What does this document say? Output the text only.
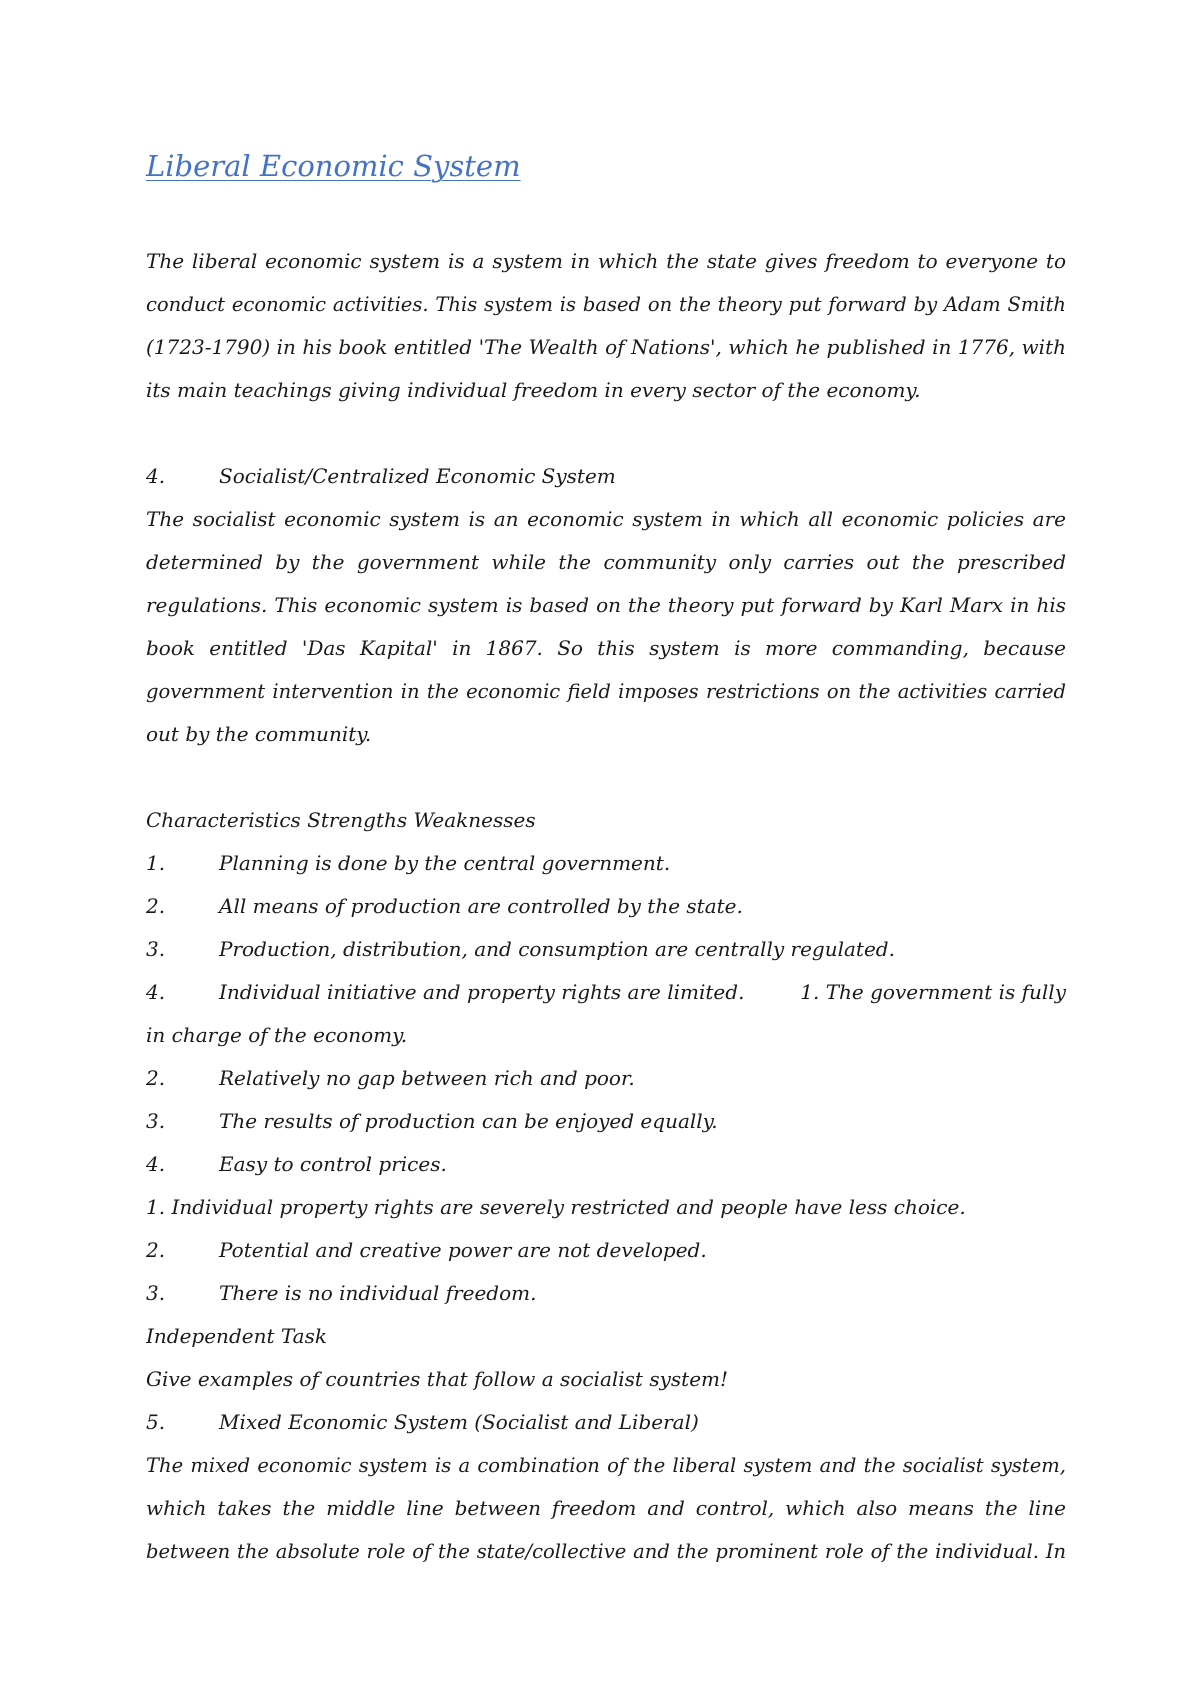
Liberal Economic System
The liberal economic system is a system in which the state gives freedom to everyone to
conduct economic activities. This system is based on the theory put forward by Adam Smith
(1723-1790) in his book entitled 'The Wealth of Nations', which he published in 1776, with
its main teachings giving individual freedom in every sector of the economy.
4.	Socialist/Centralized Economic System
The socialist economic system is an economic system in which all economic policies are
determined by the government while the community only carries out the prescribed
regulations. This economic system is based on the theory put forward by Karl Marx in his
book entitled 'Das Kapital' in 1867. So this system is more commanding, because
government intervention in the economic field imposes restrictions on the activities carried
out by the community.
Characteristics Strengths Weaknesses
1.	Planning is done by the central government.
2.	All means of production are controlled by the state.
3.	Production, distribution, and consumption are centrally regulated.
4.	Individual initiative and property rights are limited.	1. The government is fully
in charge of the economy.
2.	Relatively no gap between rich and poor.
3.	The results of production can be enjoyed equally.
4.	Easy to control prices.
1. Individual property rights are severely restricted and people have less choice.
2.	Potential and creative power are not developed.
3.	There is no individual freedom.
Independent Task
Give examples of countries that follow a socialist system!
5.	Mixed Economic System (Socialist and Liberal)
The mixed economic system is a combination of the liberal system and the socialist system,
which takes the middle line between freedom and control, which also means the line
between the absolute role of the state/collective and the prominent role of the individual. In
